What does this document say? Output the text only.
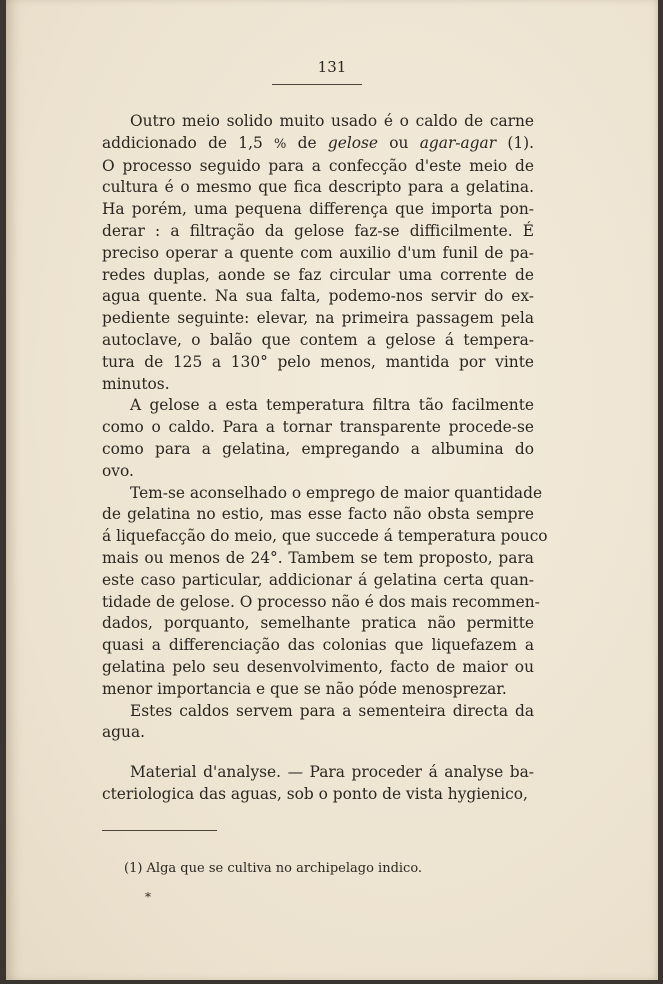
131

Outro meio solido muito usado é o caldo de carne
addicionado de 1,5 % de gelose ou agar-agar (1).
O processo seguido para a confecção d'este meio de
cultura é o mesmo que fica descripto para a gelatina.
Ha porém, uma pequena differença que importa pon-
derar : a filtração da gelose faz-se difficilmente. É
preciso operar a quente com auxilio d'um funil de pa-
redes duplas, aonde se faz circular uma corrente de
agua quente. Na sua falta, podemo-nos servir do ex-
pediente seguinte: elevar, na primeira passagem pela
autoclave, o balão que contem a gelose á tempera-
tura de 125 a 130° pelo menos, mantida por vinte
minutos.

A gelose a esta temperatura filtra tão facilmente
como o caldo. Para a tornar transparente procede-se
como para a gelatina, empregando a albumina do
ovo.

Tem-se aconselhado o emprego de maior quantidade
de gelatina no estio, mas esse facto não obsta sempre
á liquefacção do meio, que succede á temperatura pouco
mais ou menos de 24°. Tambem se tem proposto, para
este caso particular, addicionar á gelatina certa quan-
tidade de gelose. O processo não é dos mais recommen-
dados, porquanto, semelhante pratica não permitte
quasi a differenciação das colonias que liquefazem a
gelatina pelo seu desenvolvimento, facto de maior ou
menor importancia e que se não póde menosprezar.

Estes caldos servem para a sementeira directa da
agua.

Material d'analyse. — Para proceder á analyse ba-
cteriologica das aguas, sob o ponto de vista hygienico,

(1) Alga que se cultiva no archipelago indico.
*
